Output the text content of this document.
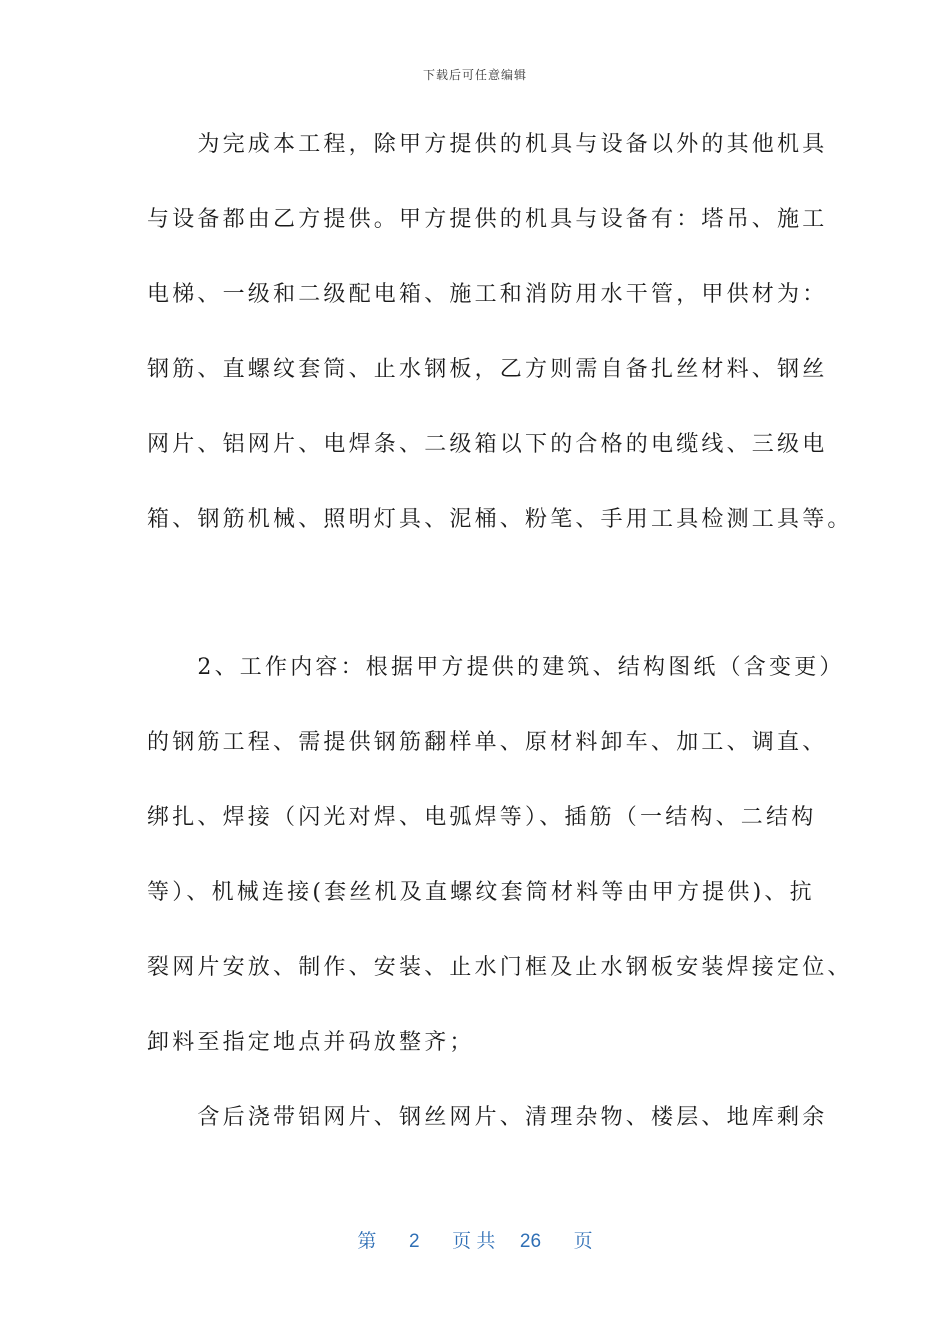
下载后可任意编辑
　　为完成本工程，除甲方提供的机具与设备以外的其他机具
与设备都由乙方提供。甲方提供的机具与设备有：塔吊、施工
电梯、一级和二级配电箱、施工和消防用水干管，甲供材为：
钢筋、直螺纹套筒、止水钢板，乙方则需自备扎丝材料、钢丝
网片、铝网片、电焊条、二级箱以下的合格的电缆线、三级电
箱、钢筋机械、照明灯具、泥桶、粉笔、手用工具检测工具等。
　　2、工作内容：根据甲方提供的建筑、结构图纸（含变更）
的钢筋工程、需提供钢筋翻样单、原材料卸车、加工、调直、
绑扎、焊接（闪光对焊、电弧焊等）、插筋（一结构、二结构
等）、机械连接(套丝机及直螺纹套筒材料等由甲方提供)、抗
裂网片安放、制作、安装、止水门框及止水钢板安装焊接定位、
卸料至指定地点并码放整齐；
　　含后浇带铝网片、钢丝网片、清理杂物、楼层、地库剩余
第 2 页 共 26 页
